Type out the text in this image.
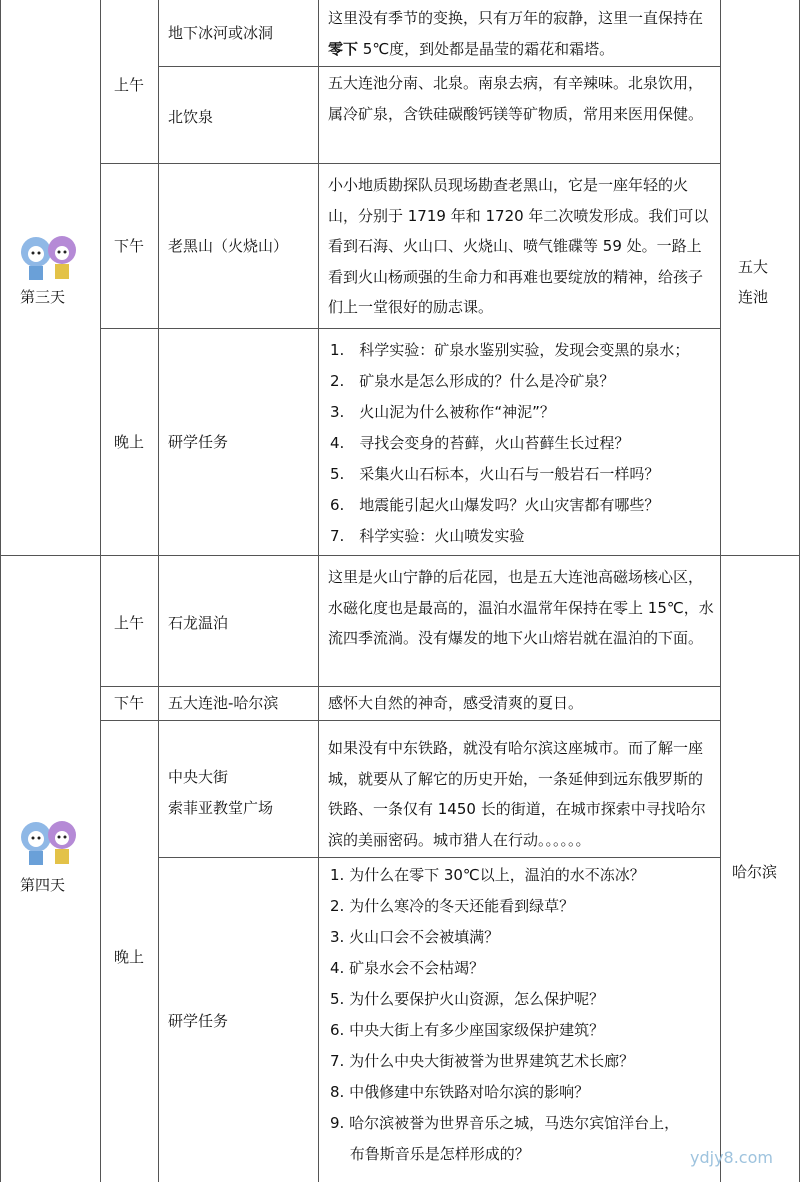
第三天
上午
下午
晚上
地下冰河或冰洞
这里没有季节的变换，只有万年的寂静，这里一直保持在零下 5℃度，到处都是晶莹的霜花和霜塔。
北饮泉
五大连池分南、北泉。南泉去病，有辛辣味。北泉饮用，属冷矿泉，含铁硅碳酸钙镁等矿物质，常用来医用保健。
老黑山（火烧山）
小小地质勘探队员现场勘查老黑山，它是一座年轻的火山，分别于 1719 年和 1720 年二次喷发形成。我们可以看到石海、火山口、火烧山、喷气锥碟等 59 处。一路上看到火山杨顽强的生命力和再难也要绽放的精神，给孩子们上一堂很好的励志课。
研学任务
1.　科学实验：矿泉水鉴别实验，发现会变黑的泉水；
2.　矿泉水是怎么形成的？什么是冷矿泉？
3.　火山泥为什么被称作“神泥”？
4.　寻找会变身的苔藓，火山苔藓生长过程？
5.　采集火山石标本，火山石与一般岩石一样吗？
6.　地震能引起火山爆发吗？火山灾害都有哪些？
7.　科学实验：火山喷发实验
五大连池
第四天
上午
下午
晚上
石龙温泊
这里是火山宁静的后花园，也是五大连池高磁场核心区，水磁化度也是最高的，温泊水温常年保持在零上 15℃，水流四季流淌。没有爆发的地下火山熔岩就在温泊的下面。
五大连池-哈尔滨	感怀大自然的神奇，感受清爽的夏日。
中央大街
索菲亚教堂广场
如果没有中东铁路，就没有哈尔滨这座城市。而了解一座城，就要从了解它的历史开始，一条延伸到远东俄罗斯的铁路、一条仅有 1450 长的街道，在城市探索中寻找哈尔滨的美丽密码。城市猎人在行动。。。。。。
研学任务
1. 为什么在零下 30℃以上，温泊的水不冻冰？
2. 为什么寒冷的冬天还能看到绿草？
3. 火山口会不会被填满？
4. 矿泉水会不会枯竭？
5. 为什么要保护火山资源，怎么保护呢？
6. 中央大街上有多少座国家级保护建筑？
7. 为什么中央大街被誉为世界建筑艺术长廊？
8. 中俄修建中东铁路对哈尔滨的影响？
9. 哈尔滨被誉为世界音乐之城，马迭尔宾馆洋台上，
　 布鲁斯音乐是怎样形成的？
哈尔滨
ydjy8.com
